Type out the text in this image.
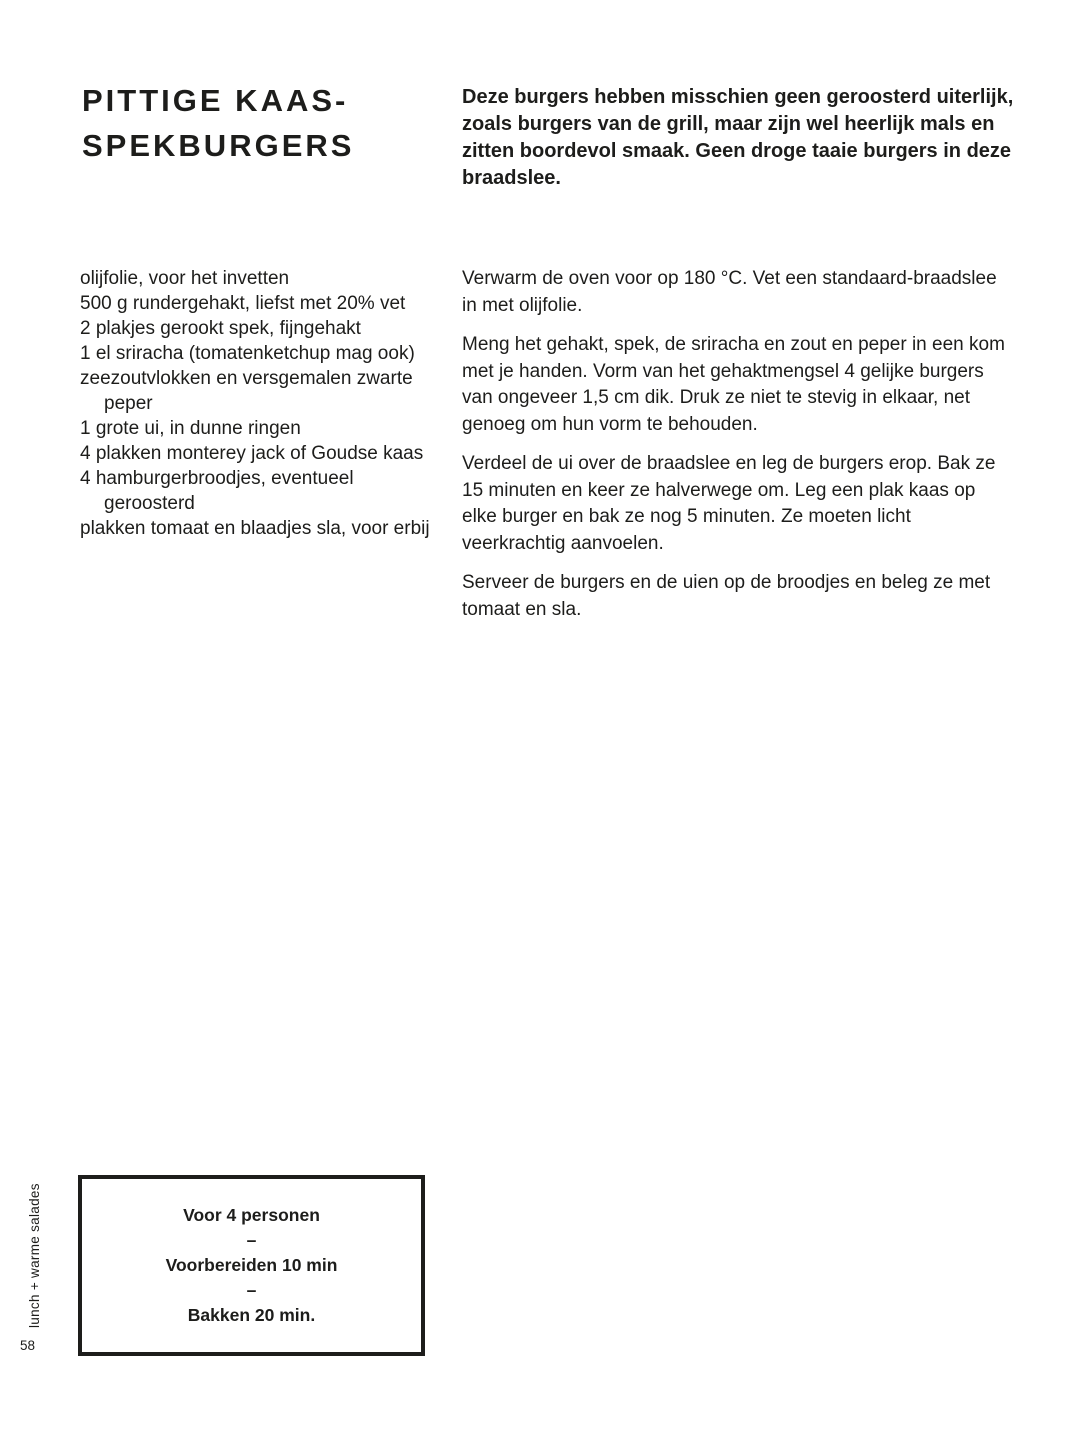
PITTIGE KAAS-
SPEKBURGERS

Deze burgers hebben misschien geen geroosterd uiterlijk, zoals burgers van de grill, maar zijn wel heerlijk mals en zitten boordevol smaak. Geen droge taaie burgers in deze braadslee.

olijfolie, voor het invetten
500 g rundergehakt, liefst met 20% vet
2 plakjes gerookt spek, fijngehakt
1 el sriracha (tomatenketchup mag ook)
zeezoutvlokken en versgemalen zwarte peper
1 grote ui, in dunne ringen
4 plakken monterey jack of Goudse kaas
4 hamburgerbroodjes, eventueel geroosterd
plakken tomaat en blaadjes sla, voor erbij

Verwarm de oven voor op 180 °C. Vet een standaard-braadslee in met olijfolie.

Meng het gehakt, spek, de sriracha en zout en peper in een kom met je handen. Vorm van het gehaktmengsel 4 gelijke burgers van ongeveer 1,5 cm dik. Druk ze niet te stevig in elkaar, net genoeg om hun vorm te behouden.

Verdeel de ui over de braadslee en leg de burgers erop. Bak ze 15 minuten en keer ze halverwege om. Leg een plak kaas op elke burger en bak ze nog 5 minuten. Ze moeten licht veerkrachtig aanvoelen.

Serveer de burgers en de uien op de broodjes en beleg ze met tomaat en sla.

Voor 4 personen
–
Voorbereiden 10 min
–
Bakken 20 min.
lunch + warme salades
58
